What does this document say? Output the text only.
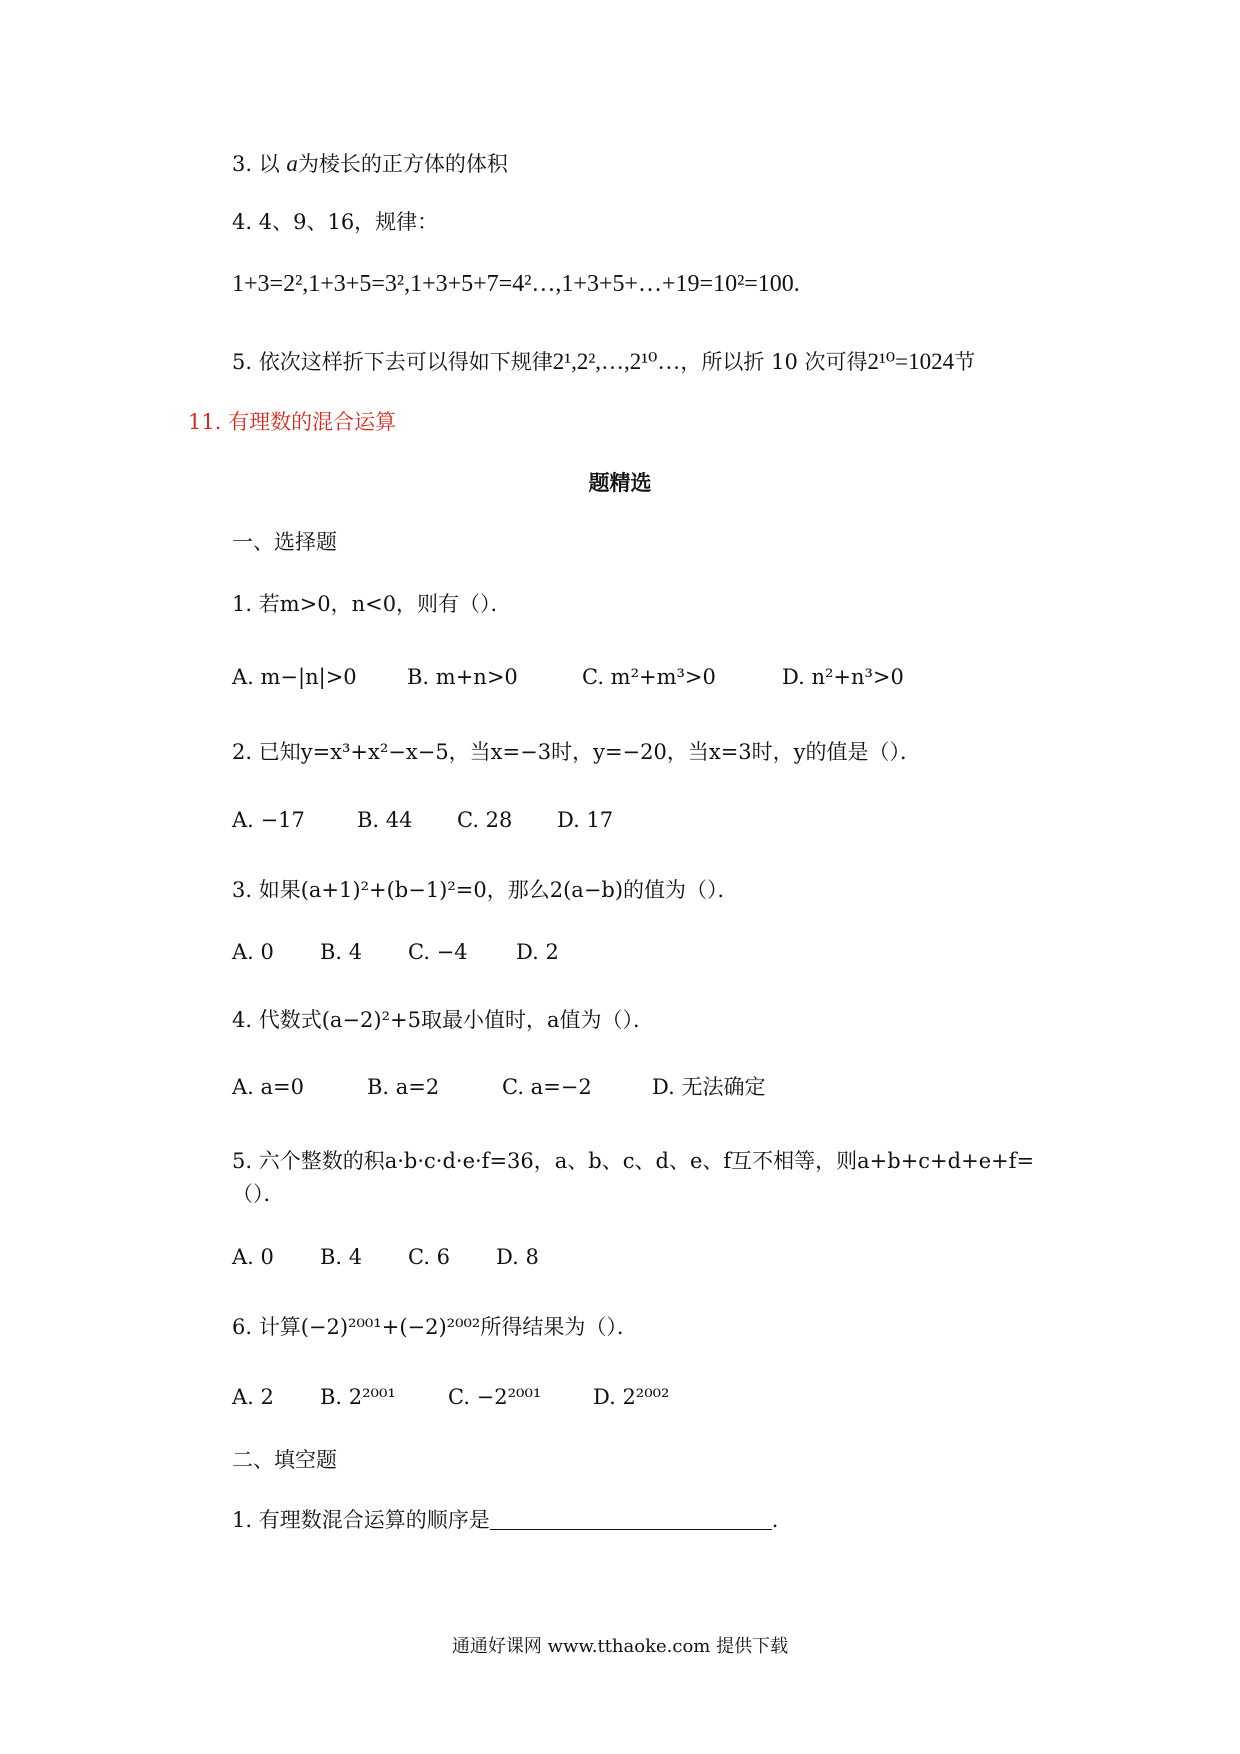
3. 以 a为棱长的正方体的体积
4. 4、9、16，规律：
1+3=2²,1+3+5=3²,1+3+5+7=4²…,1+3+5+…+19=10²=100.
5. 依次这样折下去可以得如下规律2¹,2²,…,2¹⁰…，所以折 10 次可得2¹⁰=1024节
11. 有理数的混合运算
题精选
一、选择题
1. 若m>0，n<0，则有（）．
A. m−|n|>0 B. m+n>0	C. m²+m³>0	D. n²+n³>0
2. 已知y=x³+x²−x−5，当x=−3时，y=−20，当x=3时，y的值是（）．
A. −17 B. 44 C. 28 D. 17
3. 如果(a+1)²+(b−1)²=0，那么2(a−b)的值为（）．
A. 0 B. 4 C. −4 D. 2
4. 代数式(a−2)²+5取最小值时，a值为（）．
A. a=0	B. a=2	C. a=−2	D. 无法确定
5. 六个整数的积a·b·c·d·e·f=36，a、b、c、d、e、f互不相等，则a+b+c+d+e+f=（）．
A. 0 B. 4 C. 6 D. 8
6. 计算(−2)²⁰⁰¹+(−2)²⁰⁰²所得结果为（）．
A. 2 B. 2²⁰⁰¹ C. −2²⁰⁰¹ D. 2²⁰⁰²
二、填空题
1. 有理数混合运算的顺序是	.
通通好课网 www.tthaoke.com 提供下载
